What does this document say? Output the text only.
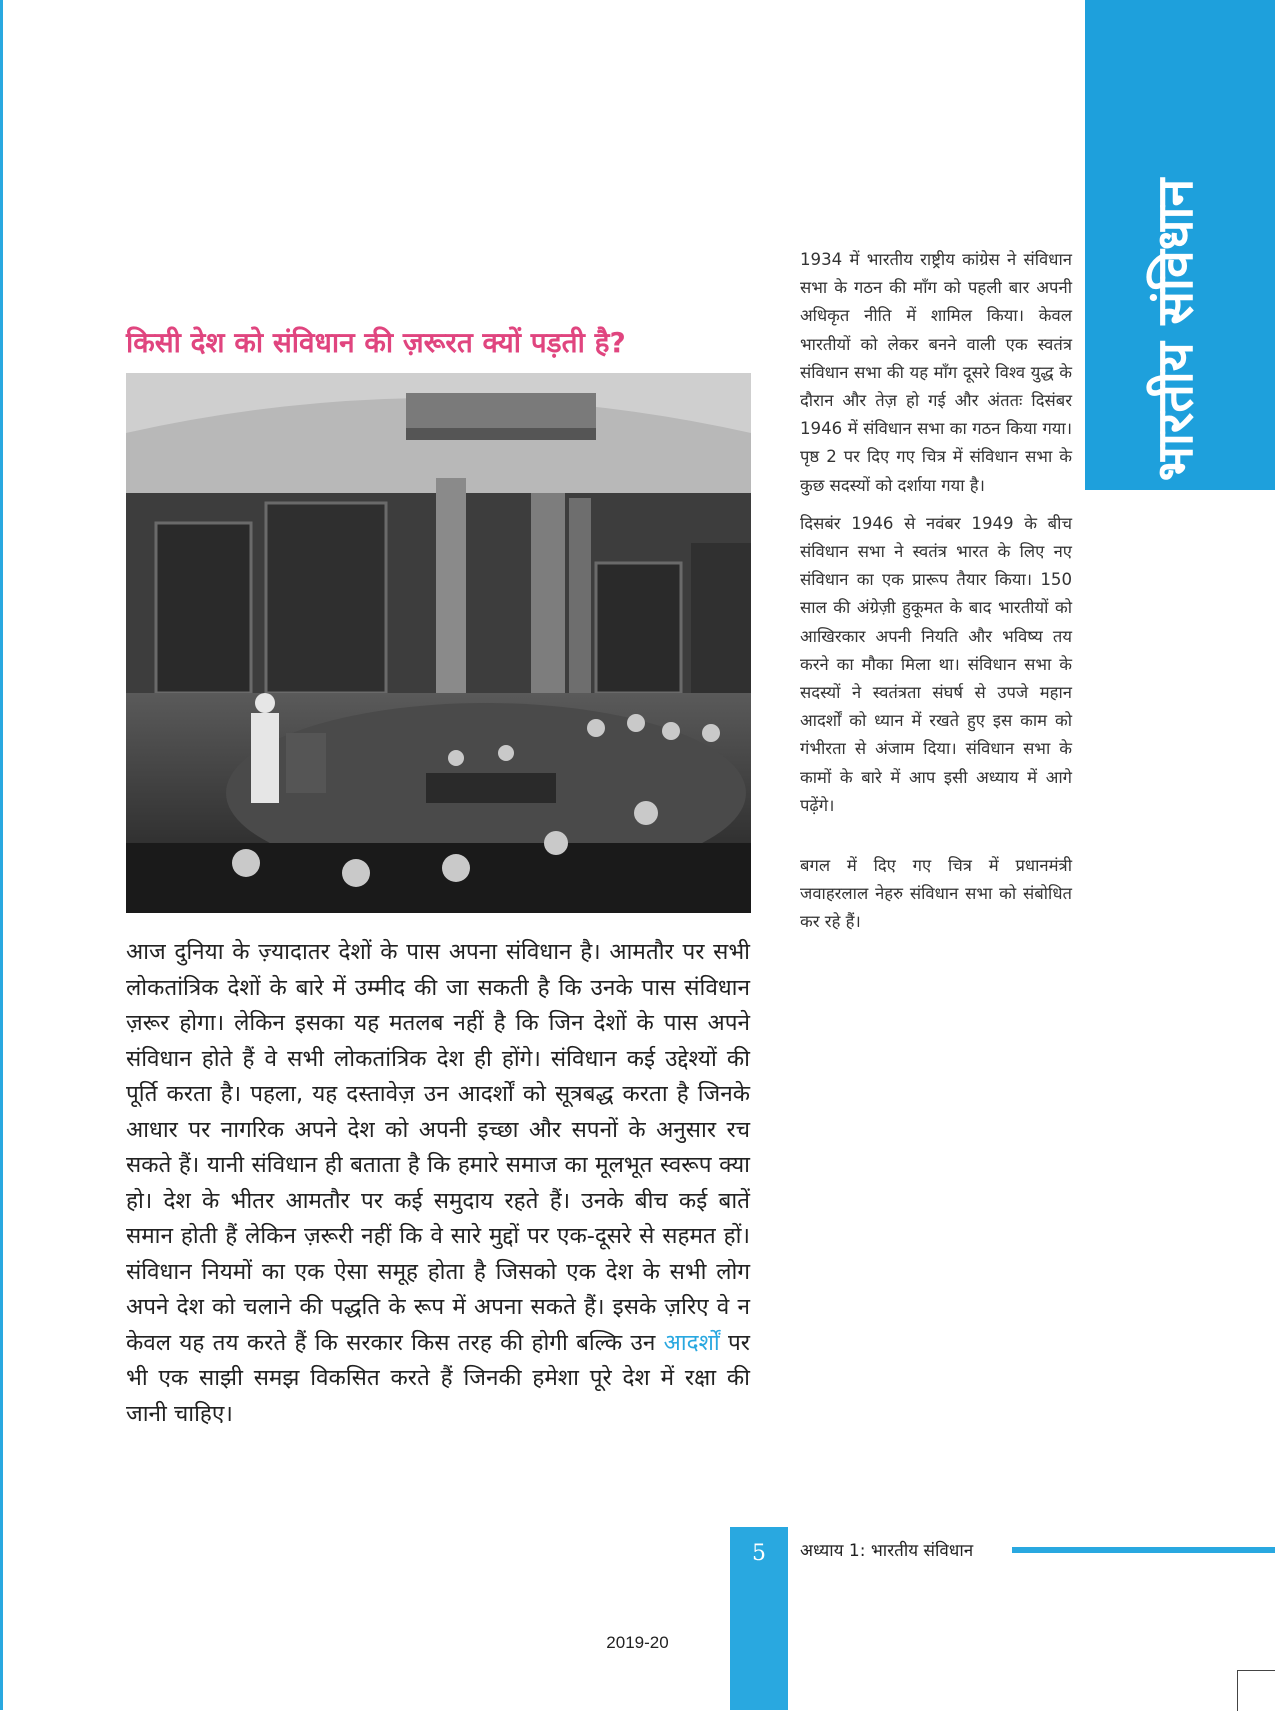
भारतीय संविधान
किसी देश को संविधान की ज़रूरत क्यों पड़ती है?

आज दुनिया के ज़्यादातर देशों के पास अपना संविधान है। आमतौर पर सभी लोकतांत्रिक देशों के बारे में उम्मीद की जा सकती है कि उनके पास संविधान ज़रूर होगा। लेकिन इसका यह मतलब नहीं है कि जिन देशों के पास अपने संविधान होते हैं वे सभी लोकतांत्रिक देश ही होंगे। संविधान कई उद्देश्यों की पूर्ति करता है। पहला, यह दस्तावेज़ उन आदर्शों को सूत्रबद्ध करता है जिनके आधार पर नागरिक अपने देश को अपनी इच्छा और सपनों के अनुसार रच सकते हैं। यानी संविधान ही बताता है कि हमारे समाज का मूलभूत स्वरूप क्या हो। देश के भीतर आमतौर पर कई समुदाय रहते हैं। उनके बीच कई बातें समान होती हैं लेकिन ज़रूरी नहीं कि वे सारे मुद्दों पर एक-दूसरे से सहमत हों। संविधान नियमों का एक ऐसा समूह होता है जिसको एक देश के सभी लोग अपने देश को चलाने की पद्धति के रूप में अपना सकते हैं। इसके ज़रिए वे न केवल यह तय करते हैं कि सरकार किस तरह की होगी बल्कि उन आदर्शों पर भी एक साझी समझ विकसित करते हैं जिनकी हमेशा पूरे देश में रक्षा की जानी चाहिए।

1934 में भारतीय राष्ट्रीय कांग्रेस ने संविधान सभा के गठन की माँग को पहली बार अपनी अधिकृत नीति में शामिल किया। केवल भारतीयों को लेकर बनने वाली एक स्वतंत्र संविधान सभा की यह माँग दूसरे विश्व युद्ध के दौरान और तेज़ हो गई और अंततः दिसंबर 1946 में संविधान सभा का गठन किया गया। पृष्ठ 2 पर दिए गए चित्र में संविधान सभा के कुछ सदस्यों को दर्शाया गया है।

दिसबंर 1946 से नवंबर 1949 के बीच संविधान सभा ने स्वतंत्र भारत के लिए नए संविधान का एक प्रारूप तैयार किया। 150 साल की अंग्रेज़ी हुकूमत के बाद भारतीयों को आखिरकार अपनी नियति और भविष्य तय करने का मौका मिला था। संविधान सभा के सदस्यों ने स्वतंत्रता संघर्ष से उपजे महान आदर्शों को ध्यान में रखते हुए इस काम को गंभीरता से अंजाम दिया। संविधान सभा के कामों के बारे में आप इसी अध्याय में आगे पढ़ेंगे।

बगल में दिए गए चित्र में प्रधानमंत्री जवाहरलाल नेहरु संविधान सभा को संबोधित कर रहे हैं।

5	अध्याय 1: भारतीय संविधान
2019-20
